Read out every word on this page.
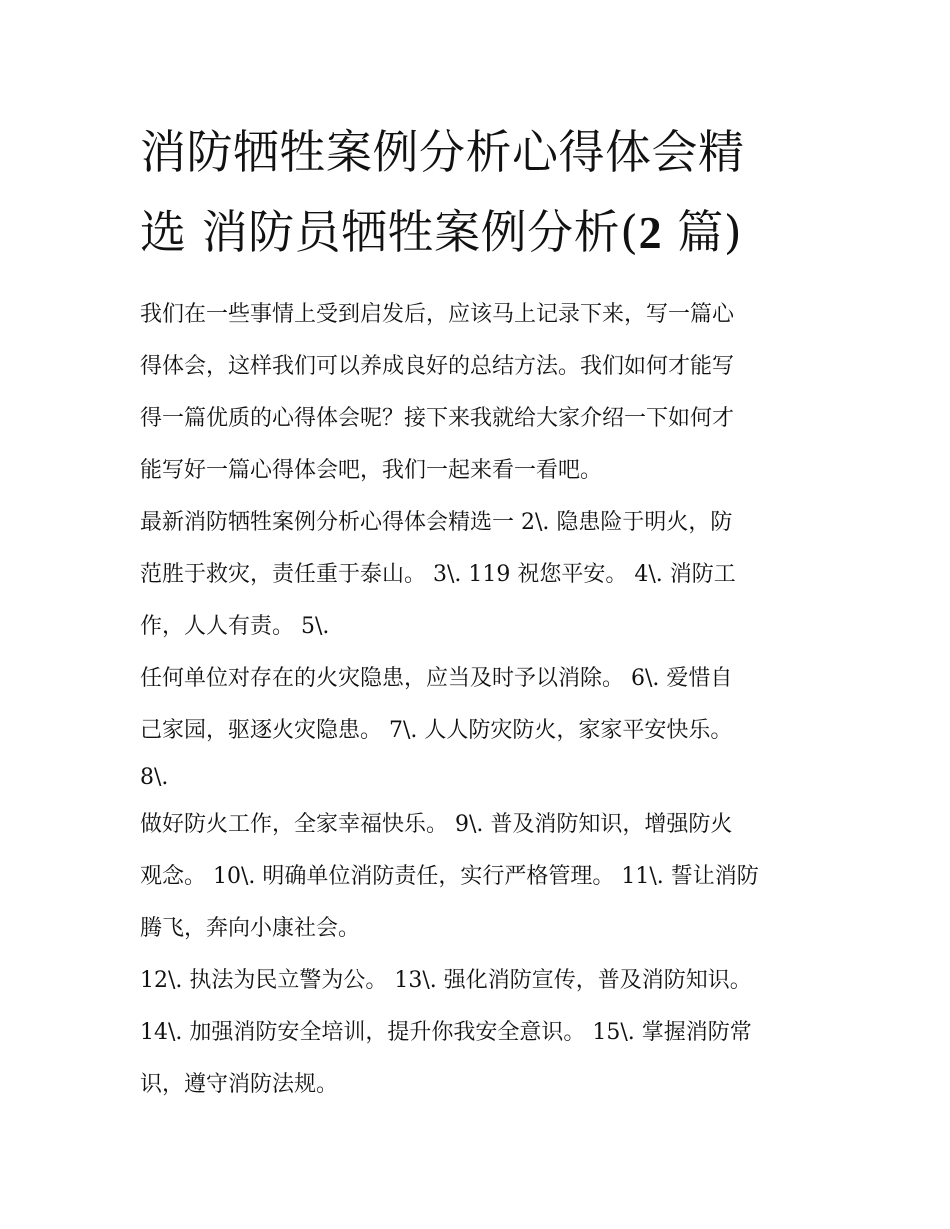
消防牺牲案例分析心得体会精
选 消防员牺牲案例分析(2 篇)

我们在一些事情上受到启发后，应该马上记录下来，写一篇心
得体会，这样我们可以养成良好的总结方法。我们如何才能写
得一篇优质的心得体会呢？接下来我就给大家介绍一下如何才
能写好一篇心得体会吧，我们一起来看一看吧。

最新消防牺牲案例分析心得体会精选一 2\. 隐患险于明火，防
范胜于救灾，责任重于泰山。 3\. 119 祝您平安。 4\. 消防工
作，人人有责。 5\.

任何单位对存在的火灾隐患，应当及时予以消除。 6\. 爱惜自
己家园，驱逐火灾隐患。 7\. 人人防灾防火，家家平安快乐。
8\.

做好防火工作，全家幸福快乐。 9\. 普及消防知识，增强防火
观念。 10\. 明确单位消防责任，实行严格管理。 11\. 誓让消防
腾飞，奔向小康社会。

12\. 执法为民立警为公。 13\. 强化消防宣传，普及消防知识。
14\. 加强消防安全培训，提升你我安全意识。 15\. 掌握消防常
识，遵守消防法规。
